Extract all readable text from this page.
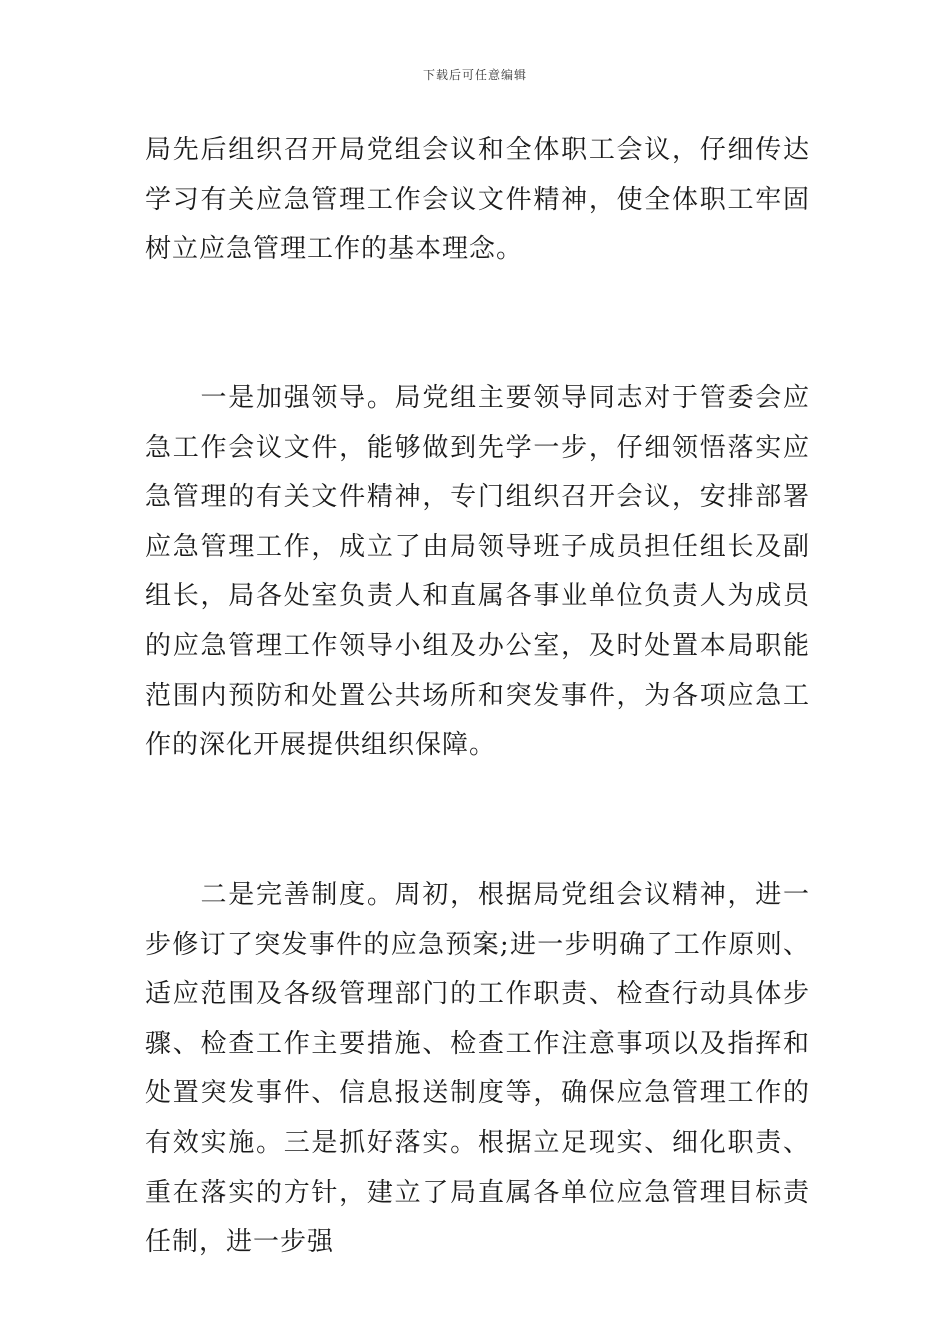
下载后可任意编辑

局先后组织召开局党组会议和全体职工会议，仔细传达学习有关应急管理工作会议文件精神，使全体职工牢固树立应急管理工作的基本理念。

　　一是加强领导。局党组主要领导同志对于管委会应急工作会议文件，能够做到先学一步，仔细领悟落实应急管理的有关文件精神，专门组织召开会议，安排部署应急管理工作，成立了由局领导班子成员担任组长及副组长，局各处室负责人和直属各事业单位负责人为成员的应急管理工作领导小组及办公室，及时处置本局职能范围内预防和处置公共场所和突发事件，为各项应急工作的深化开展提供组织保障。

　　二是完善制度。周初，根据局党组会议精神，进一步修订了突发事件的应急预案;进一步明确了工作原则、适应范围及各级管理部门的工作职责、检查行动具体步骤、检查工作主要措施、检查工作注意事项以及指挥和处置突发事件、信息报送制度等，确保应急管理工作的有效实施。三是抓好落实。根据立足现实、细化职责、重在落实的方针，建立了局直属各单位应急管理目标责任制，进一步强
